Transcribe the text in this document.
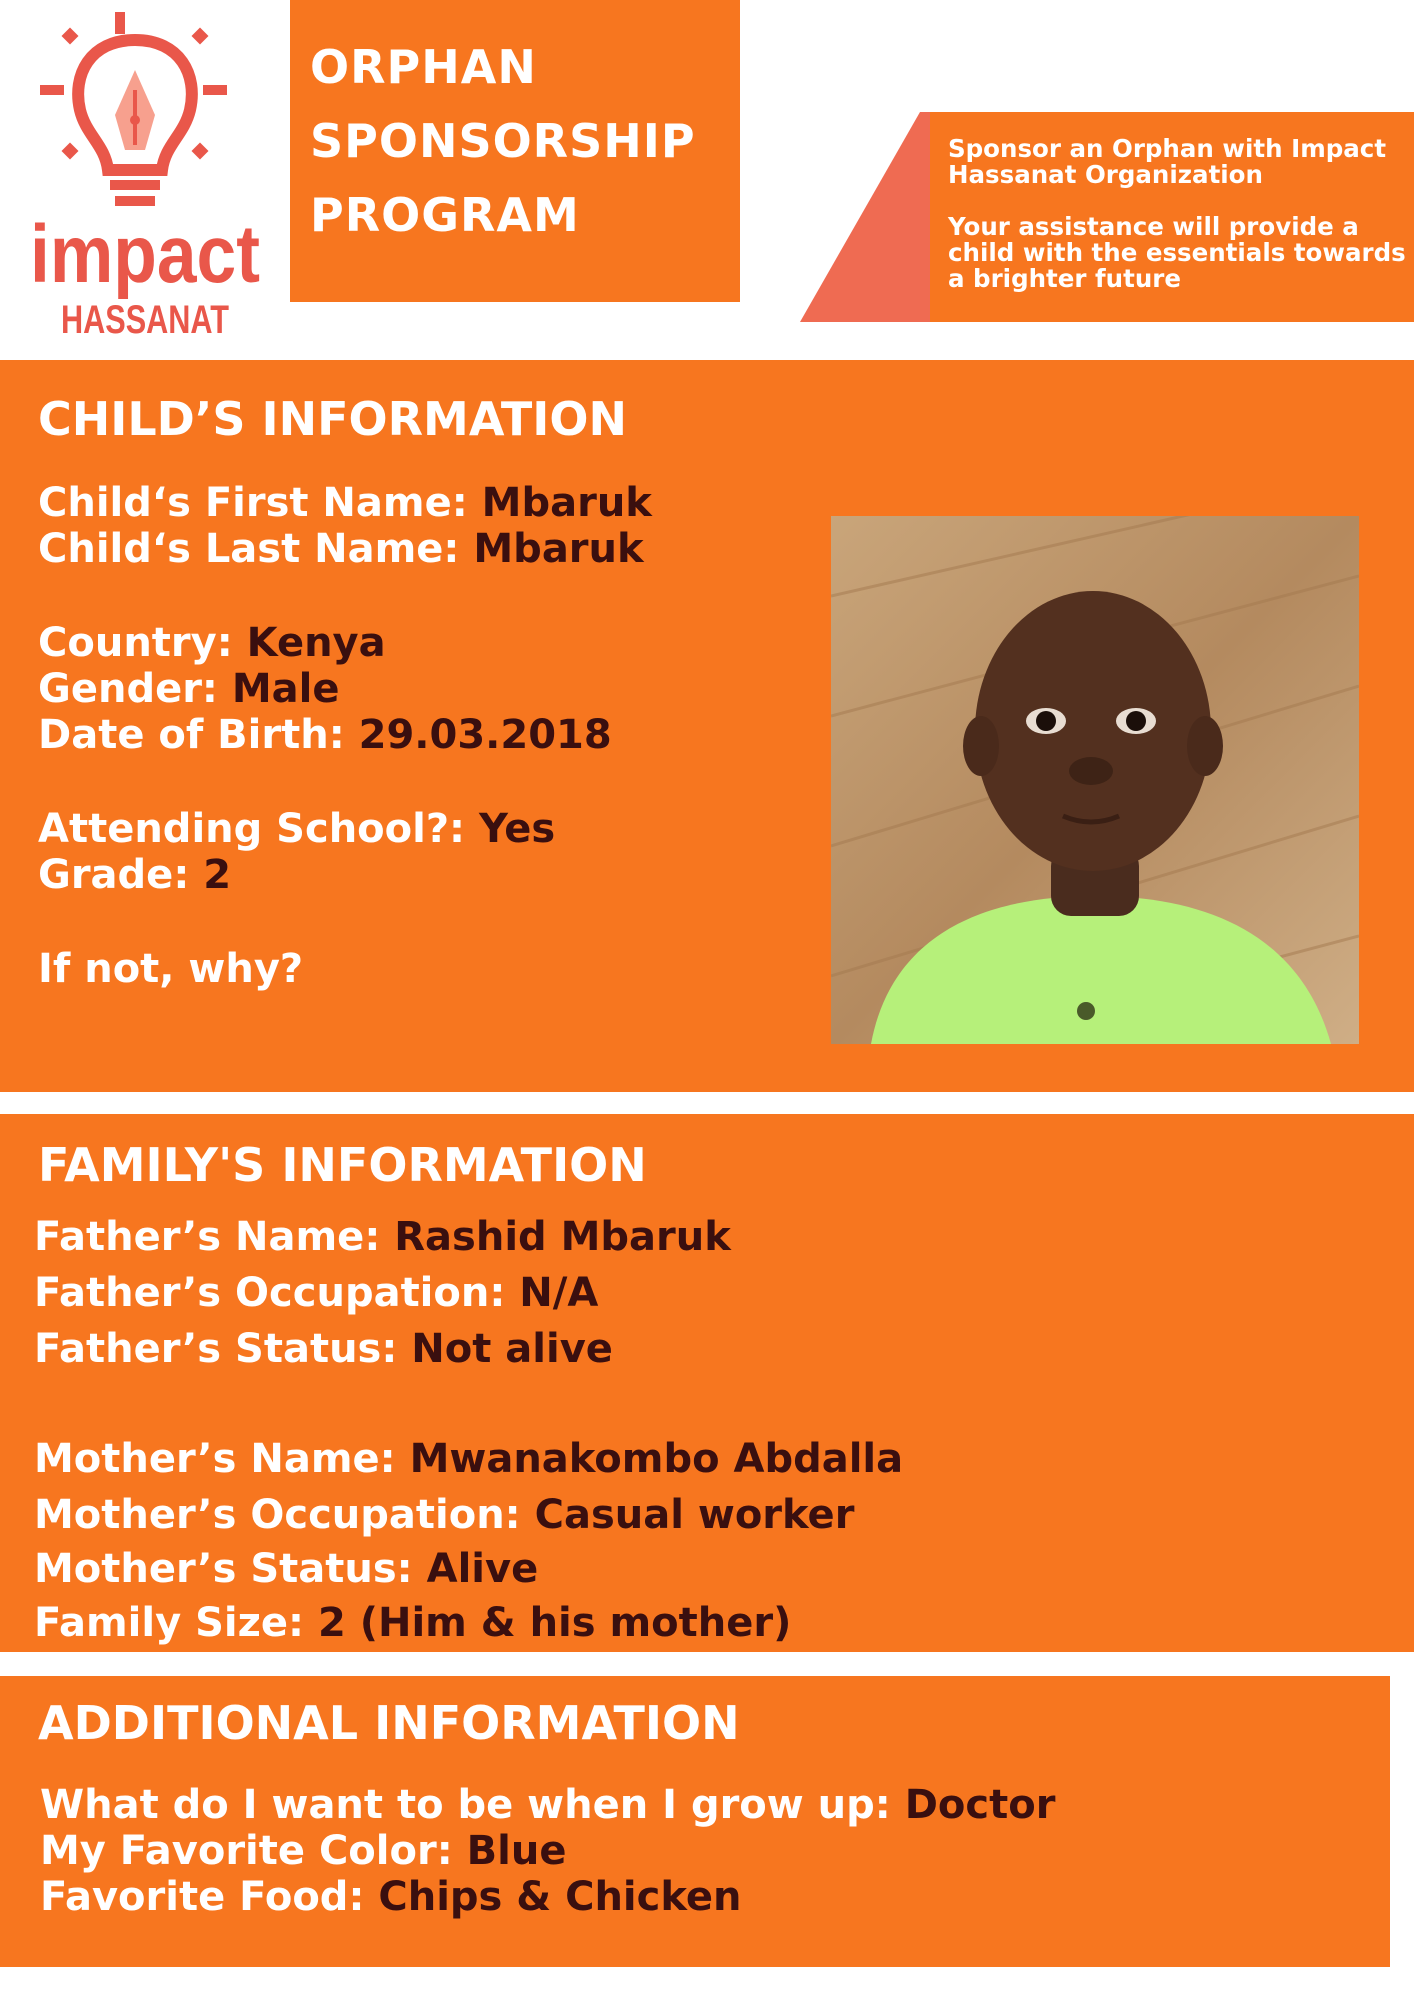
ORPHAN
SPONSORSHIP
PROGRAM

Sponsor an Orphan with Impact Hassanat Organization

Your assistance will provide a child with the essentials towards a brighter future

impact
HASSANAT
CHILD’S INFORMATION
Child‘s First Name: Mbaruk
Child‘s Last Name: Mbaruk
Country: Kenya
Gender: Male
Date of Birth: 29.03.2018
Attending School?: Yes
Grade: 2
If not, why?
FAMILY'S INFORMATION
Father’s Name: Rashid Mbaruk
Father’s Occupation: N/A
Father’s Status: Not alive
Mother’s Name: Mwanakombo Abdalla
Mother’s Occupation: Casual worker
Mother’s Status: Alive
Family Size: 2 (Him & his mother)
ADDITIONAL INFORMATION
What do I want to be when I grow up: Doctor
My Favorite Color: Blue
Favorite Food: Chips & Chicken
